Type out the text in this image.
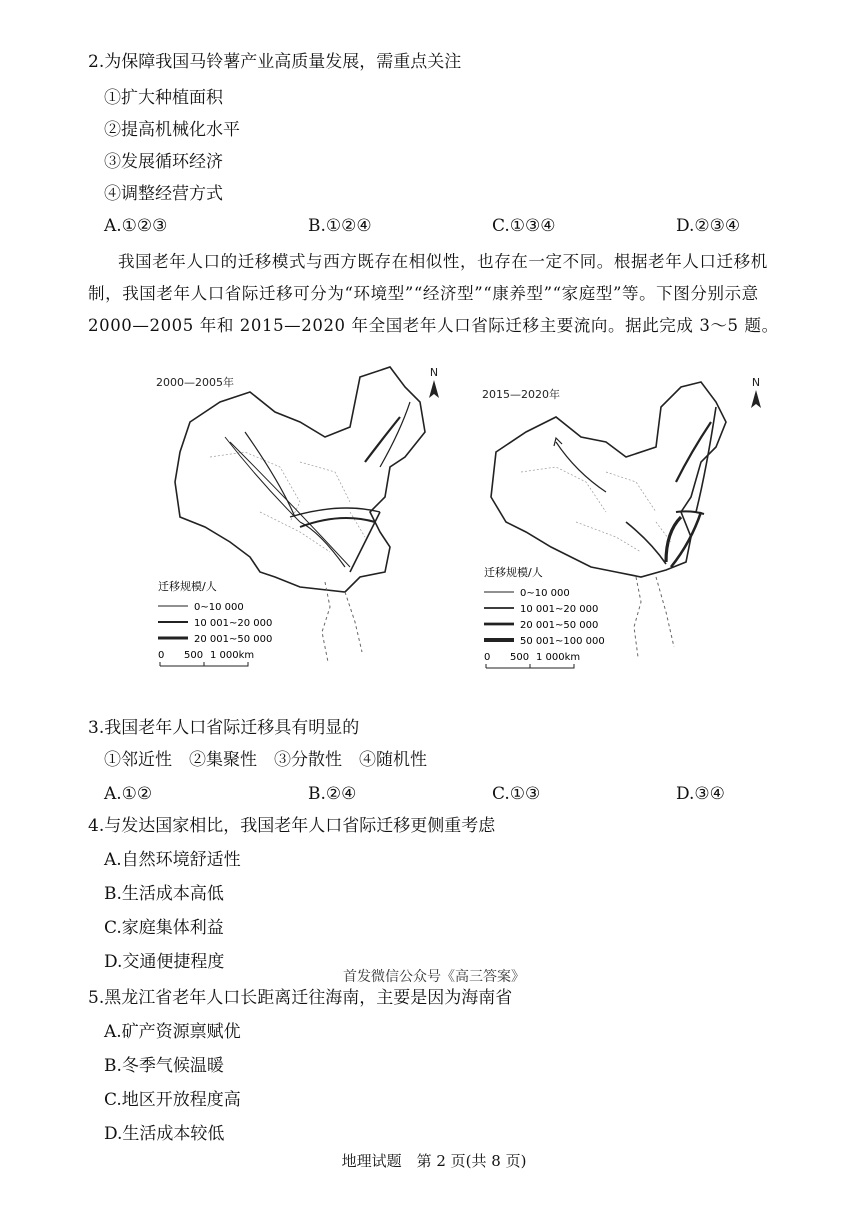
2.为保障我国马铃薯产业高质量发展，需重点关注
①扩大种植面积
②提高机械化水平
③发展循环经济
④调整经营方式
A.①②③	B.①②④	C.①③④	D.②③④
我国老年人口的迁移模式与西方既存在相似性，也存在一定不同。根据老年人口迁移机
制，我国老年人口省际迁移可分为“环境型”“经济型”“康养型”“家庭型”等。下图分别示意
2000—2005 年和 2015—2020 年全国老年人口省际迁移主要流向。据此完成 3～5 题。
2000—2005年
N
迁移规模/人
0~10 000
10 001~20 000
20 001~50 000
0 500 1 000km
2015—2020年
N
迁移规模/人
0~10 000
10 001~20 000
20 001~50 000
50 001~100 000
0 500 1 000km
3.我国老年人口省际迁移具有明显的
①邻近性　②集聚性　③分散性　④随机性
A.①②	B.②④	C.①③	D.③④
4.与发达国家相比，我国老年人口省际迁移更侧重考虑
A.自然环境舒适性
B.生活成本高低
C.家庭集体利益
D.交通便捷程度
首发微信公众号《高三答案》
5.黑龙江省老年人口长距离迁往海南，主要是因为海南省
A.矿产资源禀赋优
B.冬季气候温暖
C.地区开放程度高
D.生活成本较低
地理试题　第 2 页(共 8 页)
